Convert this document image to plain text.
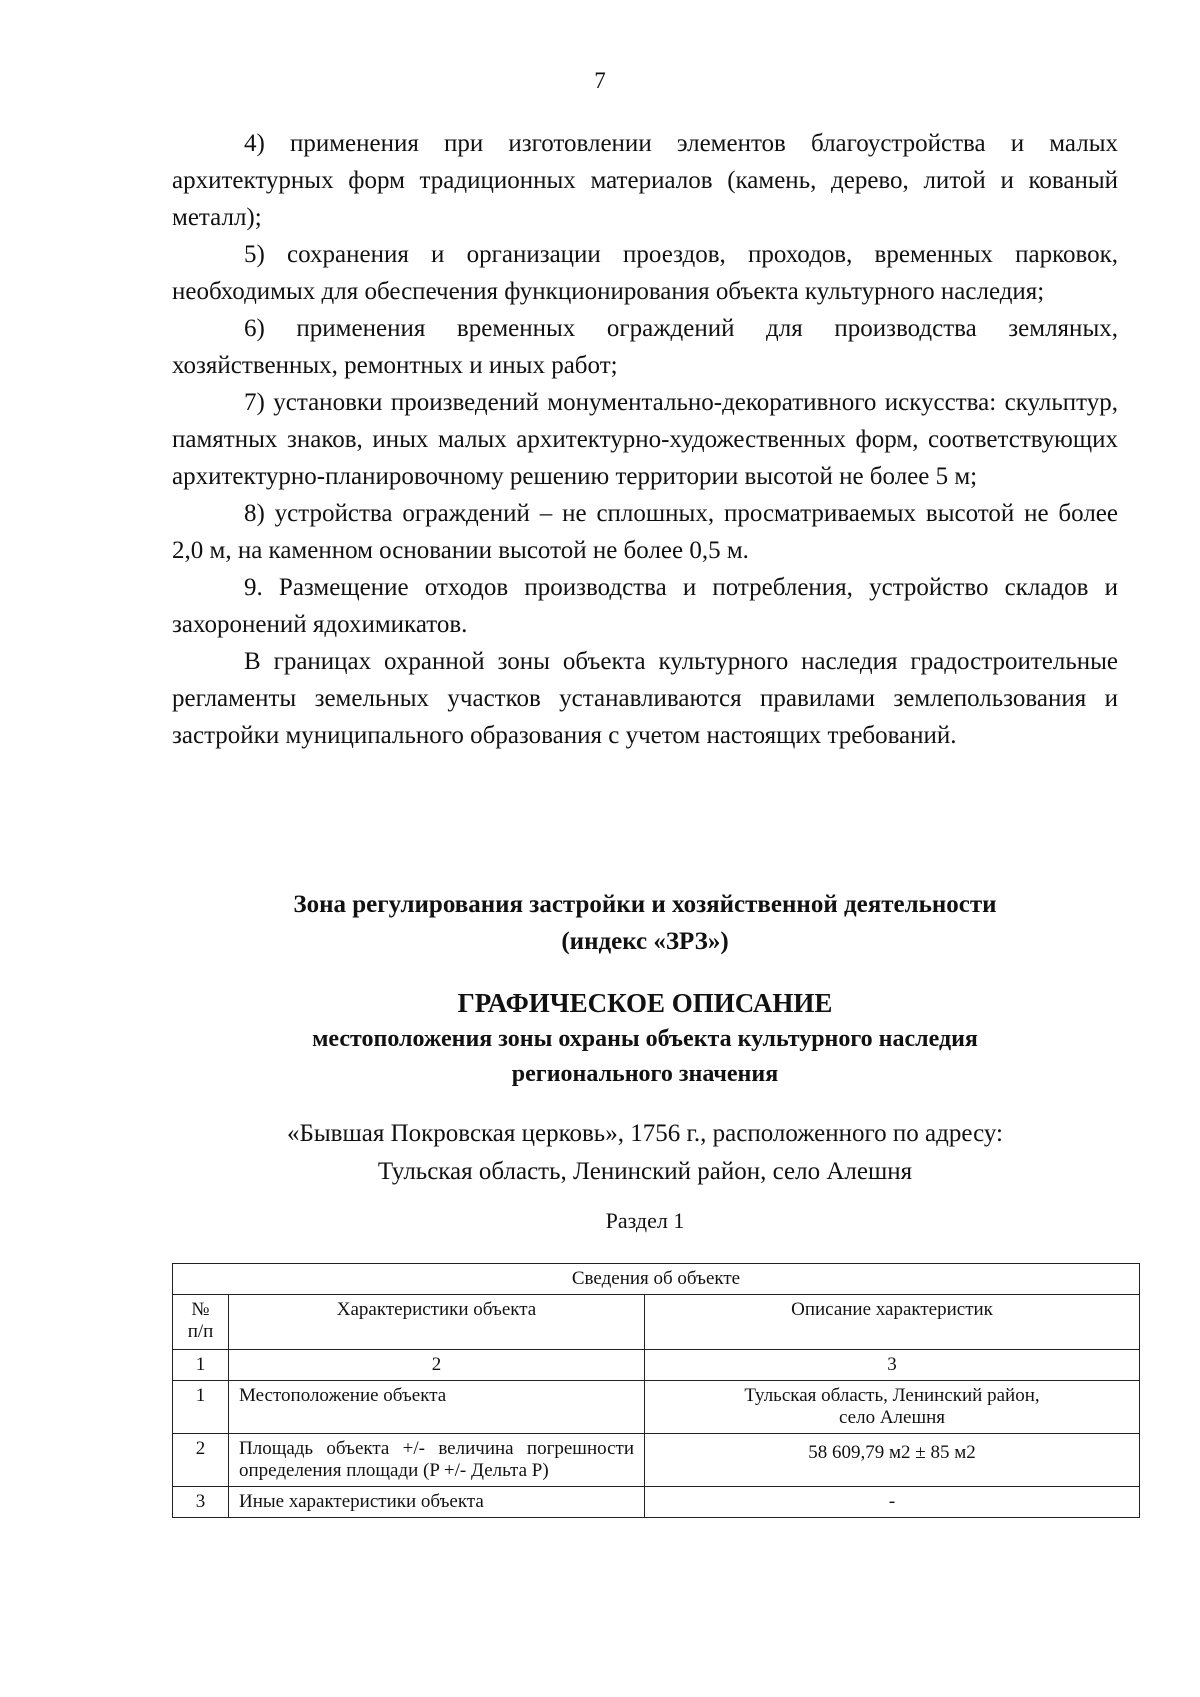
7

4) применения при изготовлении элементов благоустройства и малых архитектурных форм традиционных материалов (камень, дерево, литой и кованый металл);

5) сохранения и организации проездов, проходов, временных парковок, необходимых для обеспечения функционирования объекта культурного наследия;

6) применения временных ограждений для производства земляных, хозяйственных, ремонтных и иных работ;

7) установки произведений монументально-декоративного искусства: скульптур, памятных знаков, иных малых архитектурно-художественных форм, соответствующих архитектурно-планировочному решению территории высотой не более 5 м;

8) устройства ограждений – не сплошных, просматриваемых высотой не более 2,0 м, на каменном основании высотой не более 0,5 м.

9. Размещение отходов производства и потребления, устройство складов и захоронений ядохимикатов.

В границах охранной зоны объекта культурного наследия градостроительные регламенты земельных участков устанавливаются правилами землепользования и застройки муниципального образования с учетом настоящих требований.

Зона регулирования застройки и хозяйственной деятельности
(индекс «ЗРЗ»)
ГРАФИЧЕСКОЕ ОПИСАНИЕ
местоположения зоны охраны объекта культурного наследия
регионального значения
«Бывшая Покровская церковь», 1756 г., расположенного по адресу:
Тульская область, Ленинский район, село Алешня
Раздел 1
Сведения об объекте		
№ п/п	Характеристики объекта	Описание характеристик
1	2	3
1	Местоположение объекта	Тульская область, Ленинский район,
село Алешня

2	Площадь объекта +/- величина погрешности определения площади (P +/- Дельта P)	58 609,79 м2 ± 85 м2
3	Иные характеристики объекта	-
